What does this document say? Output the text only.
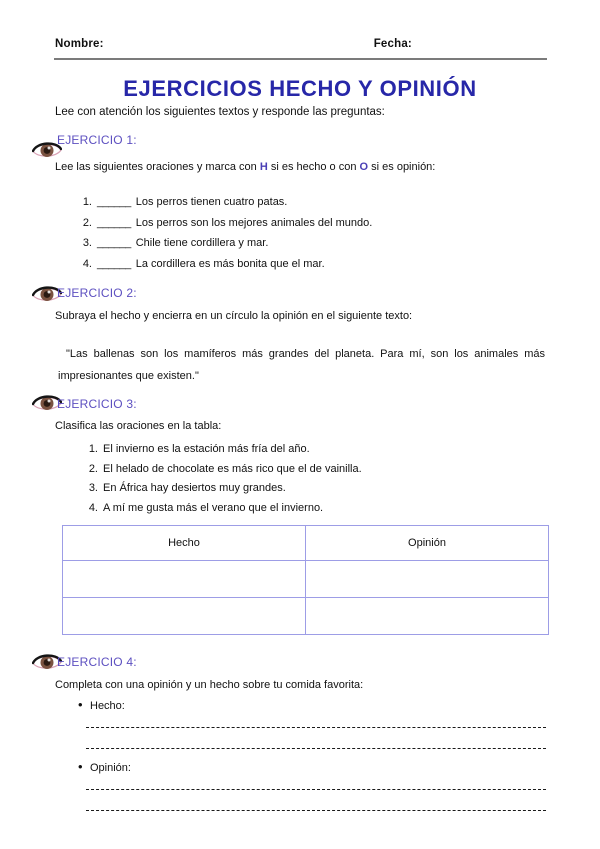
Nombre:	Fecha:
EJERCICIOS HECHO Y OPINIÓN
Lee con atención los siguientes textos y responde las preguntas:
EJERCICIO 1:
Lee las siguientes oraciones y marca con H si es hecho o con O si es opinión:
1. ______ Los perros tienen cuatro patas.
2. ______ Los perros son los mejores animales del mundo.
3. ______ Chile tiene cordillera y mar.
4. ______ La cordillera es más bonita que el mar.
EJERCICIO 2:
Subraya el hecho y encierra en un círculo la opinión en el siguiente texto:
"Las ballenas son los mamíferos más grandes del planeta. Para mí, son los animales más impresionantes que existen."
EJERCICIO 3:
Clasifica las oraciones en la tabla:
1. El invierno es la estación más fría del año.
2. El helado de chocolate es más rico que el de vainilla.
3. En África hay desiertos muy grandes.
4. A mí me gusta más el verano que el invierno.
Hecho	Opinión

EJERCICIO 4:
Completa con una opinión y un hecho sobre tu comida favorita:
• Hecho:
• Opinión:
